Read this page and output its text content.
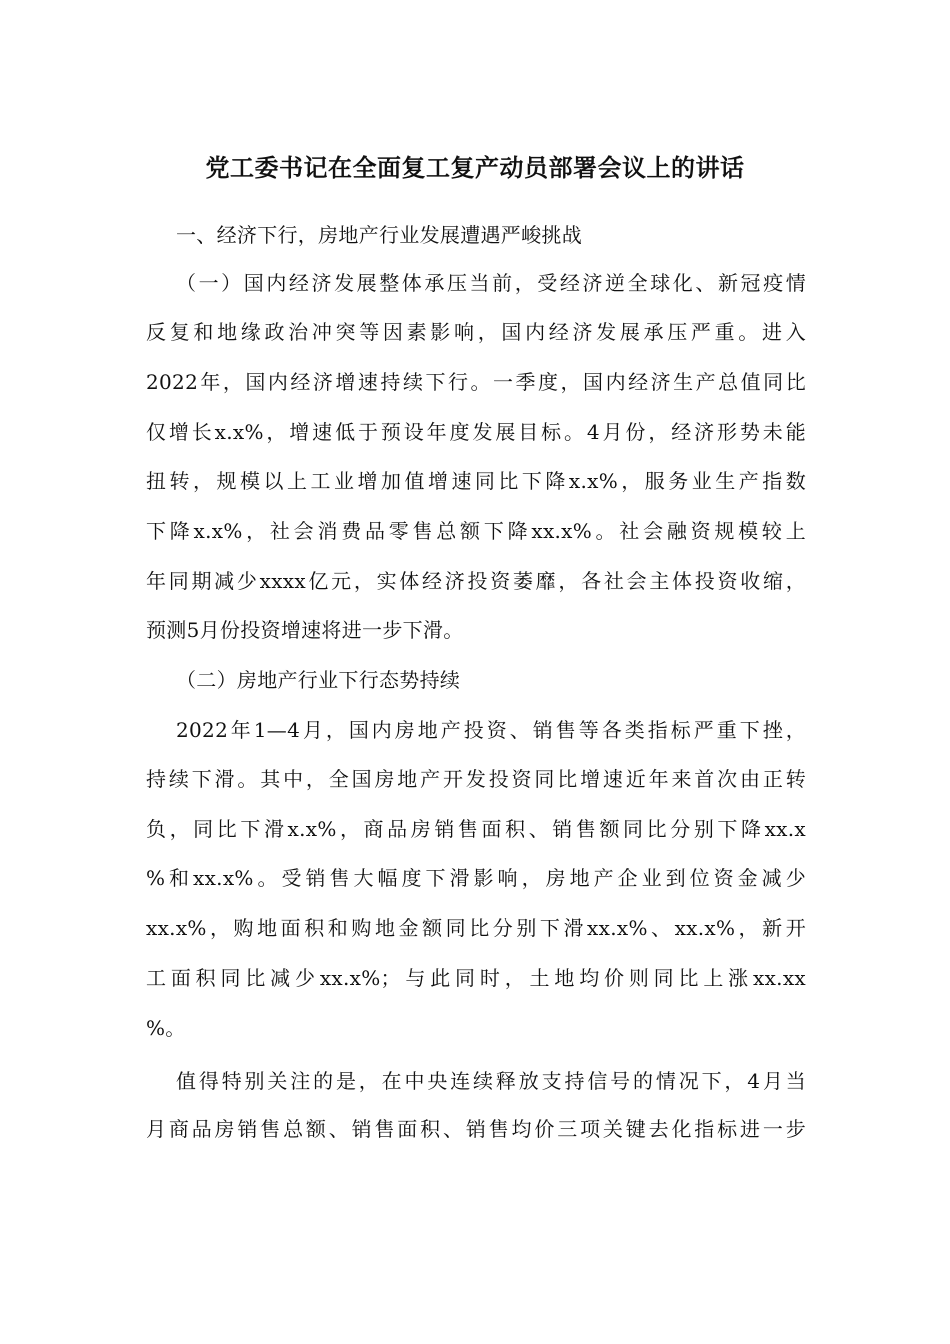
党工委书记在全面复工复产动员部署会议上的讲话
一、经济下行，房地产行业发展遭遇严峻挑战
（一）国内经济发展整体承压当前，受经济逆全球化、新冠疫情
反复和地缘政治冲突等因素影响，国内经济发展承压严重。进入
2022年，国内经济增速持续下行。一季度，国内经济生产总值同比
仅增长x.x%，增速低于预设年度发展目标。4月份，经济形势未能
扭转，规模以上工业增加值增速同比下降x.x%，服务业生产指数
下降x.x%，社会消费品零售总额下降xx.x%。社会融资规模较上
年同期减少xxxx亿元，实体经济投资萎靡，各社会主体投资收缩，
预测5月份投资增速将进一步下滑。
（二）房地产行业下行态势持续
2022年1—4月，国内房地产投资、销售等各类指标严重下挫，
持续下滑。其中，全国房地产开发投资同比增速近年来首次由正转
负，同比下滑x.x%，商品房销售面积、销售额同比分别下降xx.x
%和xx.x%。受销售大幅度下滑影响，房地产企业到位资金减少
xx.x%，购地面积和购地金额同比分别下滑xx.x%、xx.x%，新开
工面积同比减少xx.x%；与此同时，土地均价则同比上涨xx.xx
%。
值得特别关注的是，在中央连续释放支持信号的情况下，4月当
月商品房销售总额、销售面积、销售均价三项关键去化指标进一步
